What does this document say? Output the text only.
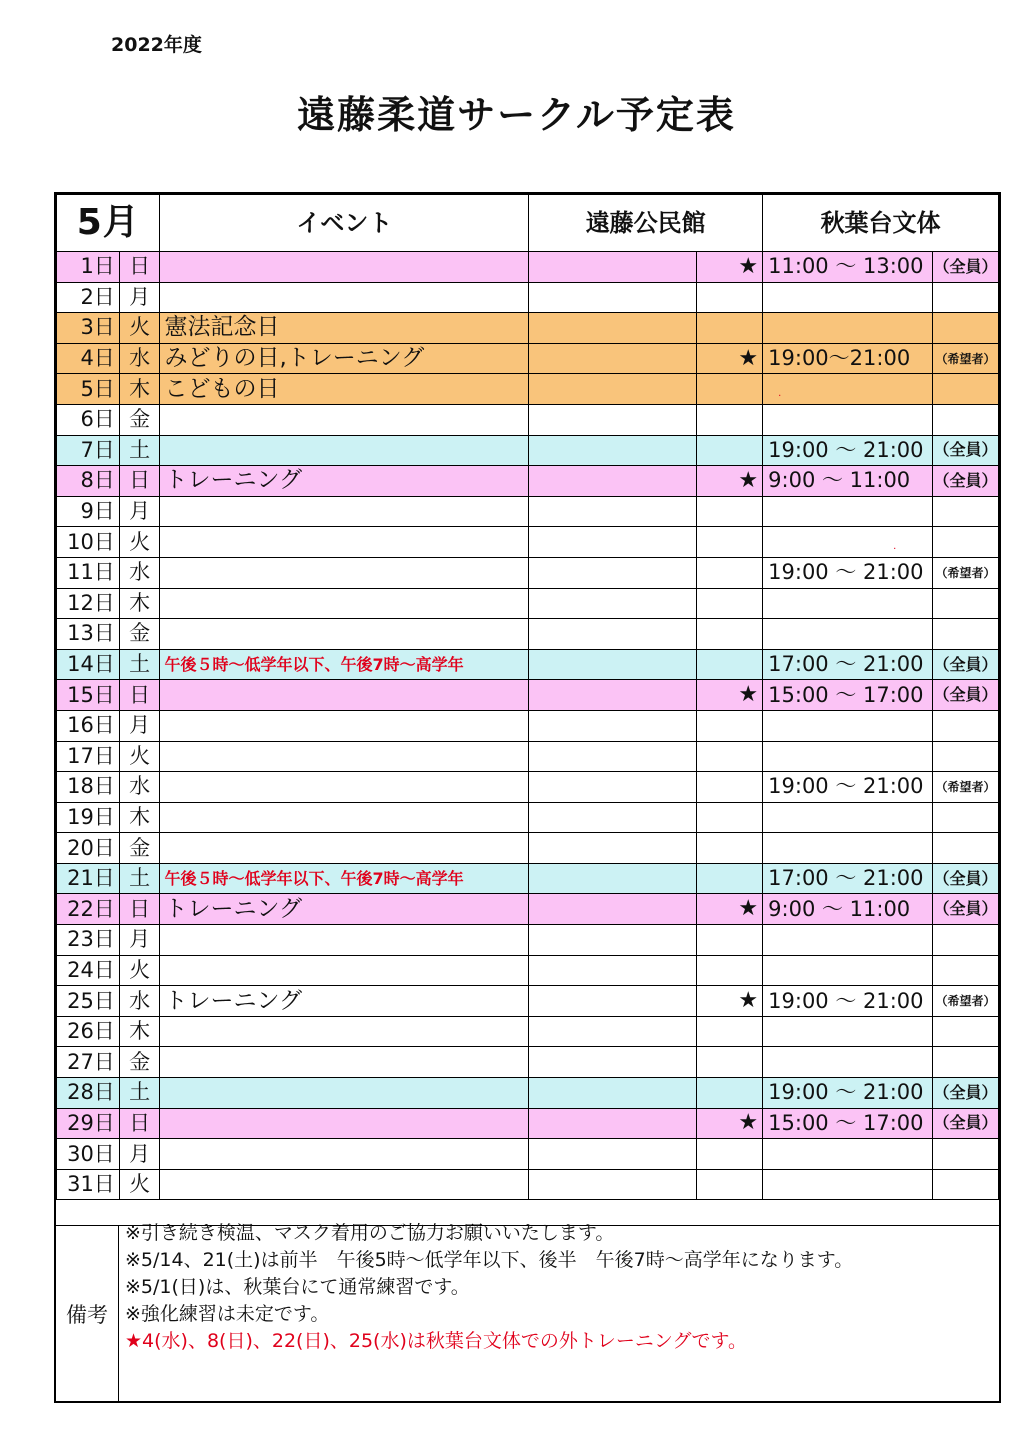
2022年度
遠藤柔道サークル予定表
5月		イベント	遠藤公民館		秋葉台文体	
1日	日			★	11:00 ～ 13:00	（全員）
2日	月					
3日	火	憲法記念日				
4日	水	みどりの日,トレーニング		★	19:00～21:00	（希望者）
5日	木	こどもの日			.	
6日	金					
7日	土				19:00 ～ 21:00	（全員）
8日	日	トレーニング		★	9:00 ～ 11:00	（全員）
9日	月					
10日	火				.	
11日	水				19:00 ～ 21:00	（希望者）
12日	木					
13日	金					
14日	土	午後５時～低学年以下、午後7時～高学年			17:00 ～ 21:00	（全員）
15日	日			★	15:00 ～ 17:00	（全員）
16日	月					
17日	火					
18日	水				19:00 ～ 21:00	（希望者）
19日	木					
20日	金					
21日	土	午後５時～低学年以下、午後7時～高学年			17:00 ～ 21:00	（全員）
22日	日	トレーニング		★	9:00 ～ 11:00	（全員）
23日	月					
24日	火					
25日	水	トレーニング		★	19:00 ～ 21:00	（希望者）
26日	木					
27日	金					
28日	土				19:00 ～ 21:00	（全員）
29日	日			★	15:00 ～ 17:00	（全員）
30日	月					
31日	火					
備考
※引き続き検温、マスク着用のご協力お願いいたします。
※5/14、21(土)は前半　午後5時～低学年以下、後半　午後7時～高学年になります。
※5/1(日)は、秋葉台にて通常練習です。
※強化練習は未定です。
★4(水)、8(日)、22(日)、25(水)は秋葉台文体での外トレーニングです。
